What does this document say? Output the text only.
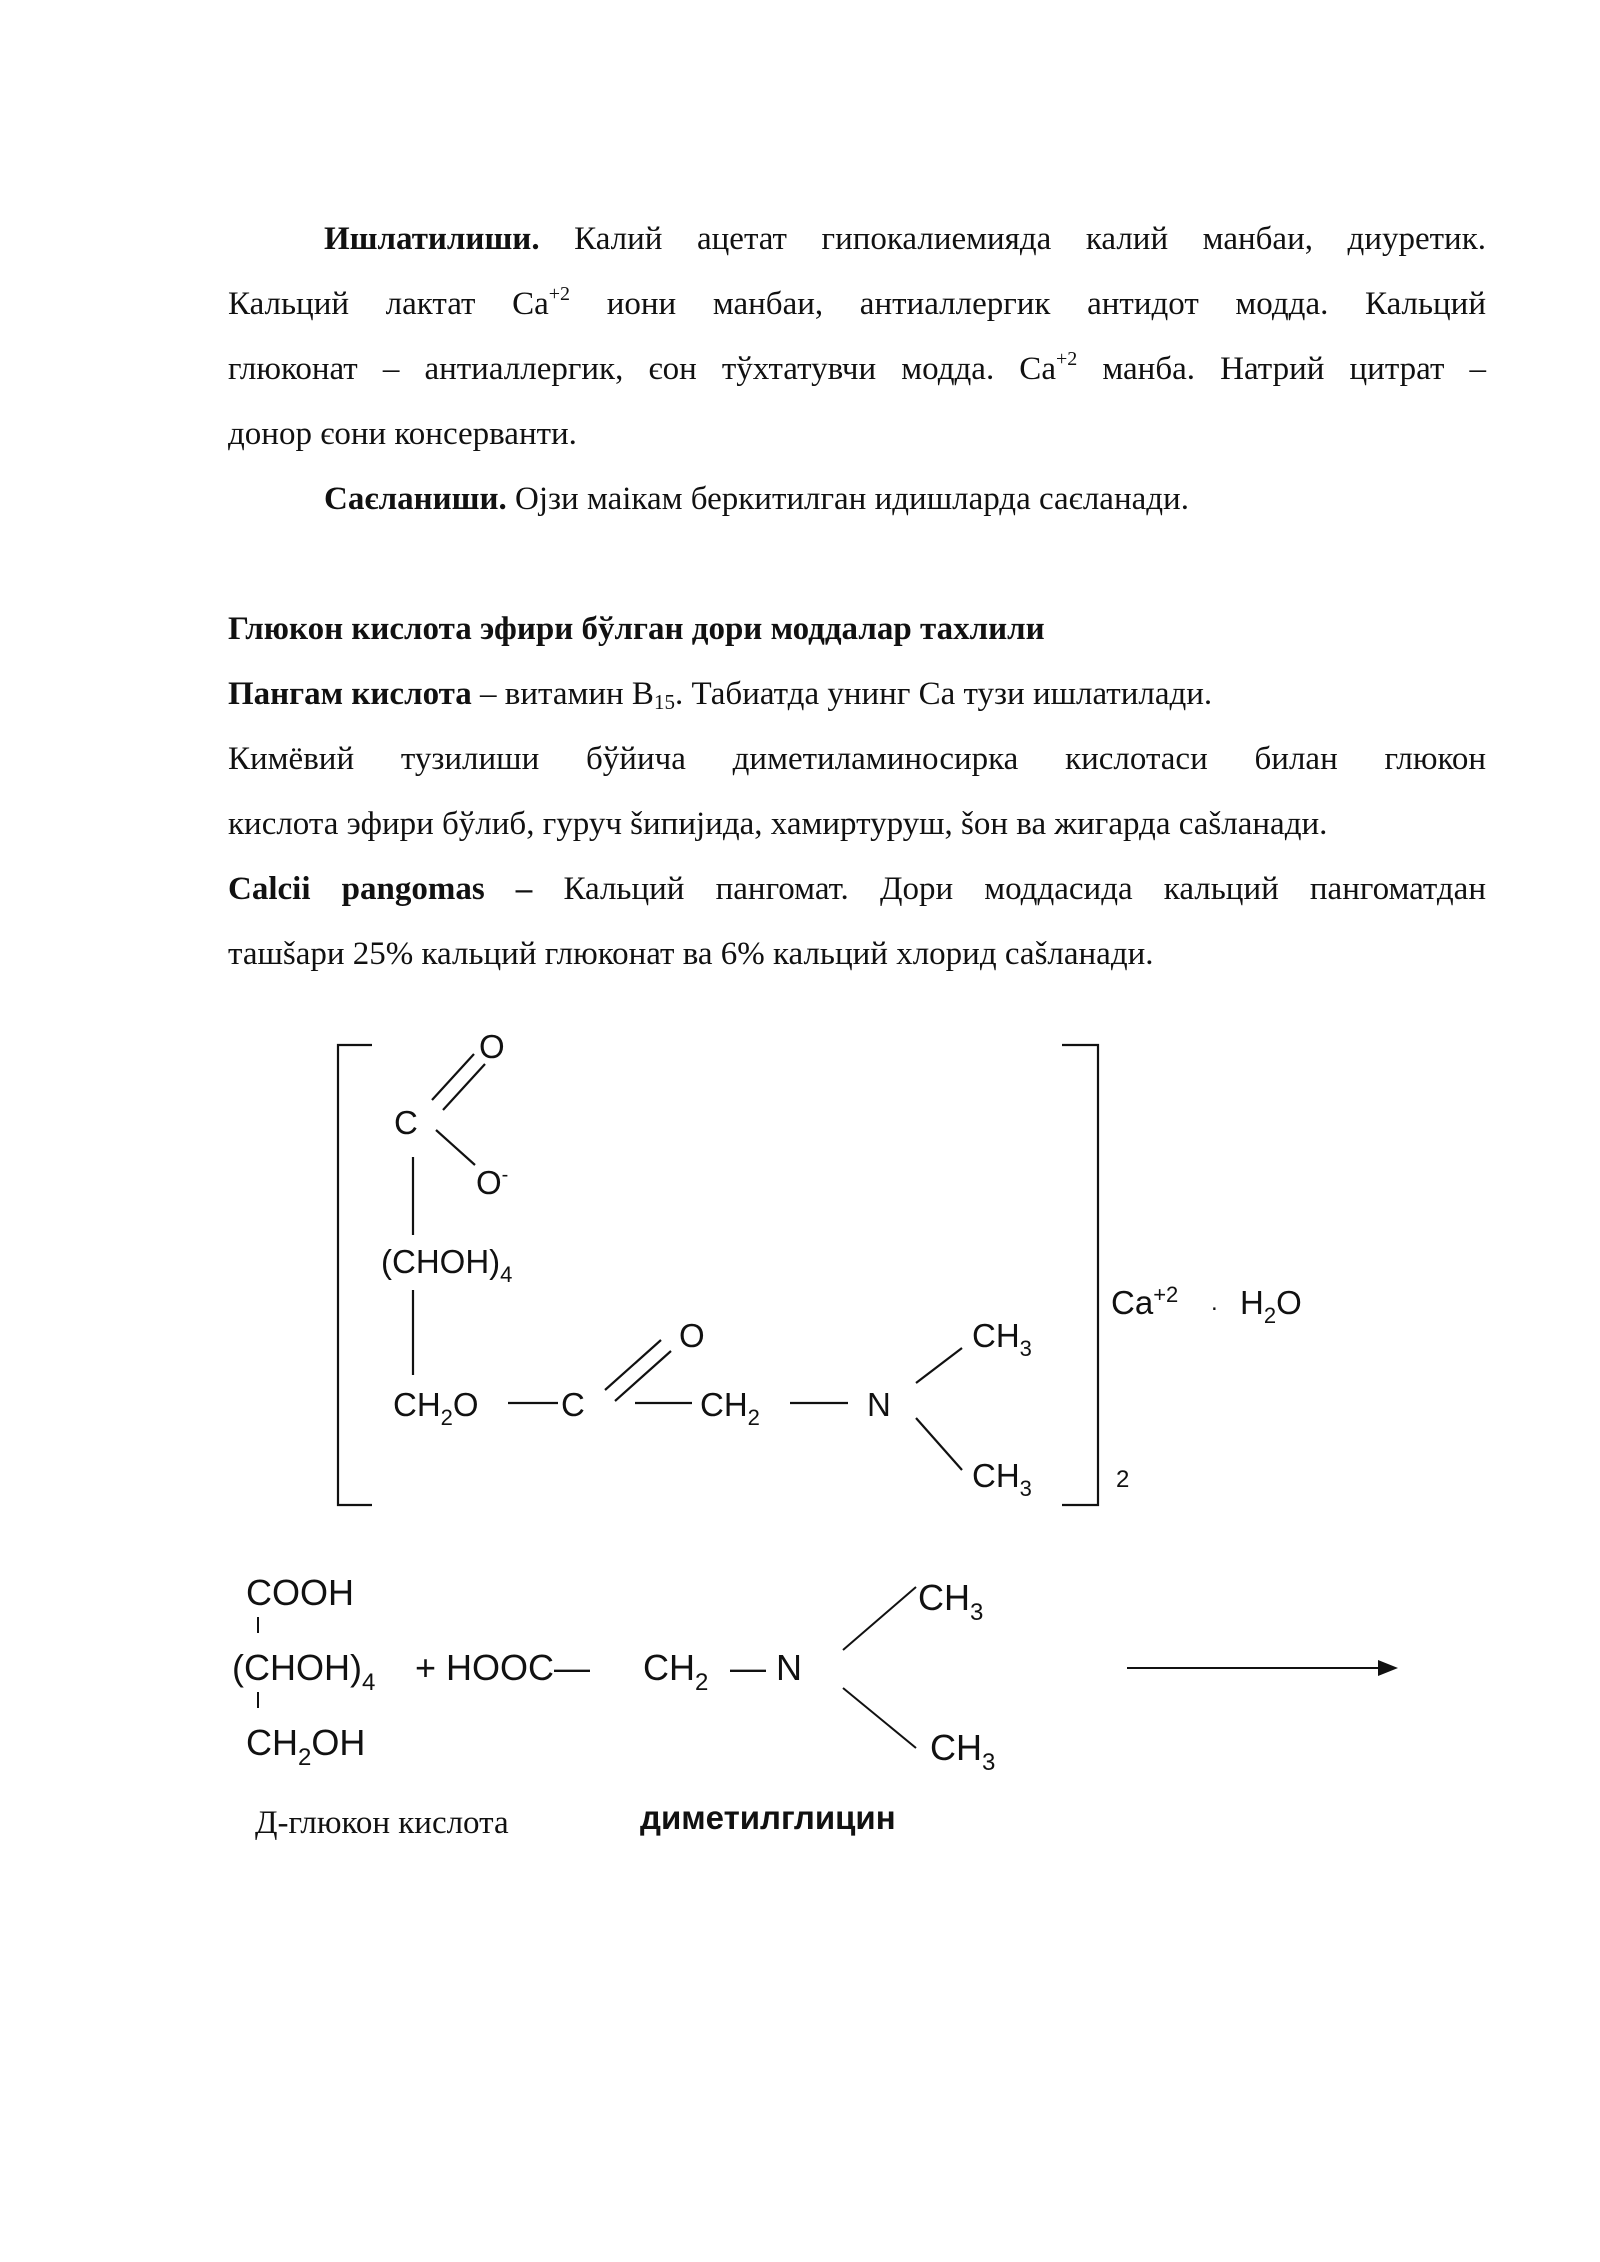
Ишлатилиши. Калий ацетат гипокалиемияда калий манбаи, диуретик.
Кальций лактат $Ca^{+2}$ иони манбаи, антиаллергик антидот модда. Кальций
глюконат – антиаллергик, єон тўхтатувчи модда. $Ca^{+2}$ манба. Натрий цитрат –
донор єони консерванти.
Саєланиши. Ојзи маікам беркитилган идишларда саєланади.
Глюкон кислота эфири бўлган дори моддалар тахлили
Пангам кислота – витамин $B_{15}$. Табиатда унинг Ca тузи ишлатилади.
Кимёвий тузилиши бўйича диметиламиносирка кислотаси билан глюкон
кислота эфири бўлиб, гуруч šипијида, хамиртуруш, šон ва жигарда саšланади.
Calcii pangomas – Кальций пангомат. Дори моддасида кальций пангоматдан
ташšари 25% кальций глюконат ва 6% кальций хлорид саšланади.
O
C
O-
$(CHOH)_4$
O
$CH_2O$ C	$CH_2$	N
$CH_3$
$CH_3$
$Ca^{+2}$ . $H_2O$
2
COOH
$(CHOH)_4$
$CH_2OH$
+ HOOC— $CH_2$ — N
$CH_3$
$CH_3$
Д-глюкон кислота	диметилглицин
